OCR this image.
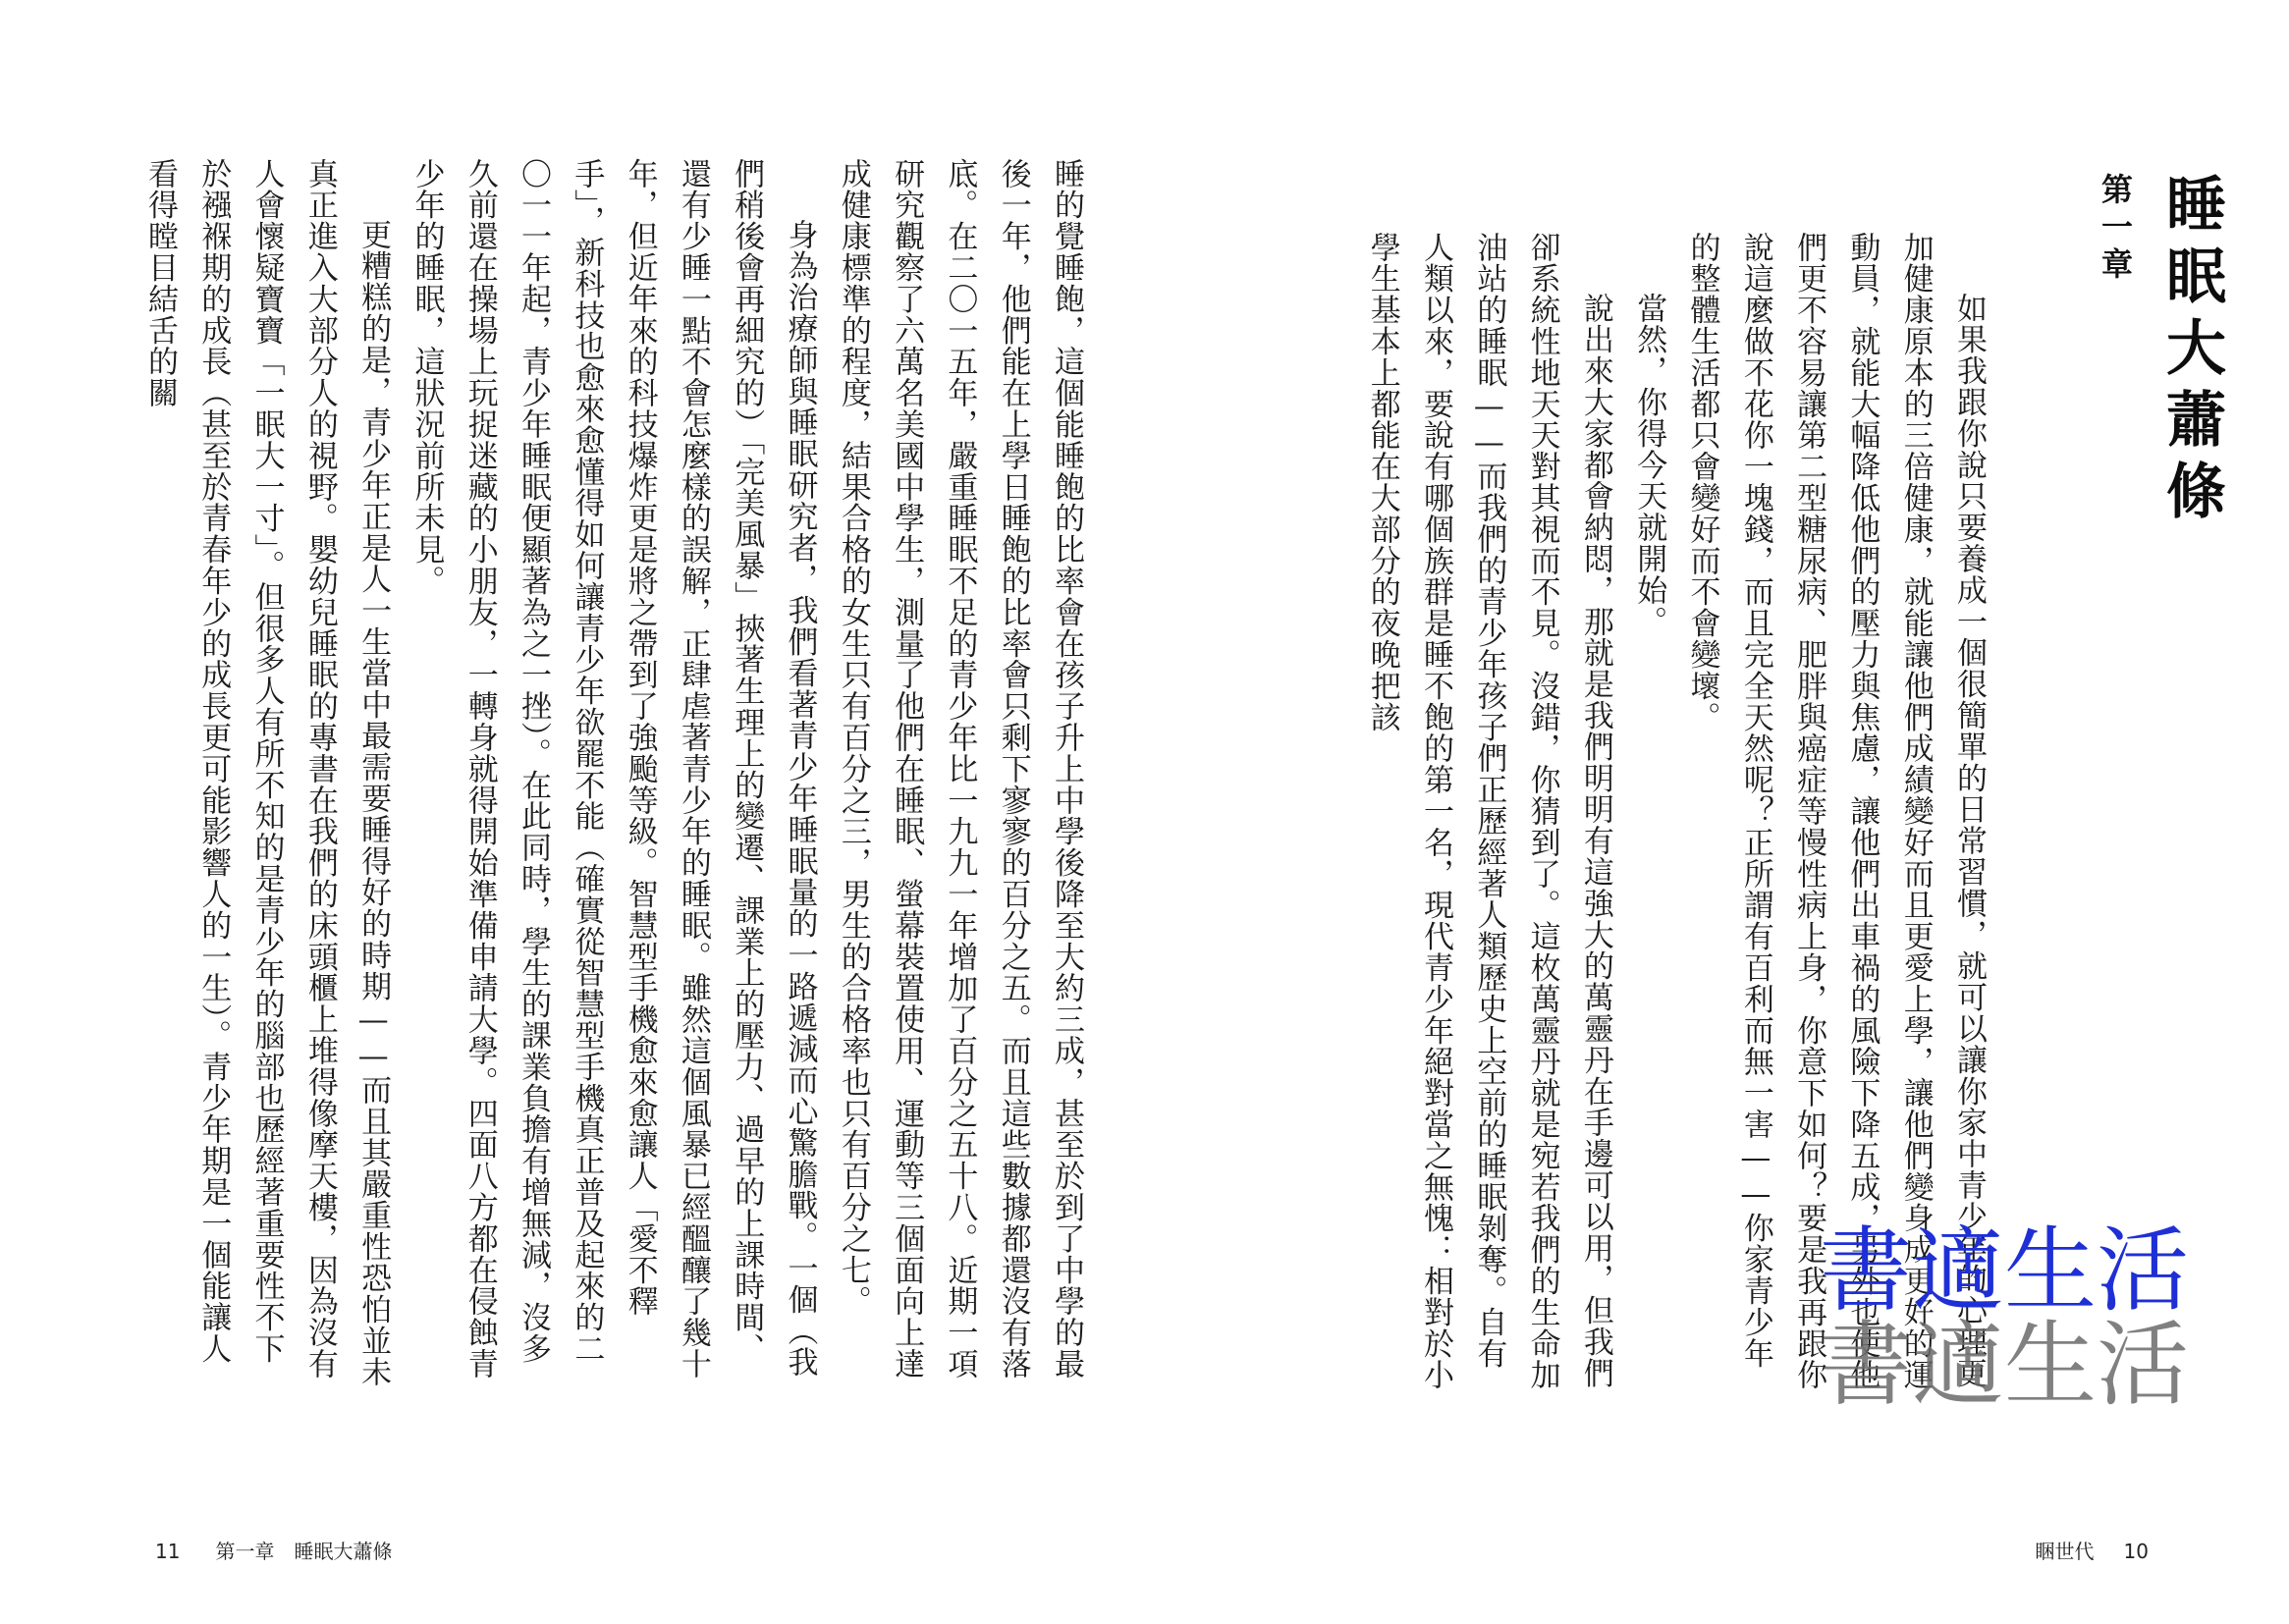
睡的覺睡飽，這個能睡飽的比率會在孩子升上中學後降至大約三成，甚至於到了中學的最後一年，他們能在上學日睡飽的比率會只剩下寥寥的百分之五。而且這些數據都還沒有落底。在二〇一五年，嚴重睡眠不足的青少年比一九九一年增加了百分之五十八。近期一項研究觀察了六萬名美國中學生，測量了他們在睡眠、螢幕裝置使用、運動等三個面向上達成健康標準的程度，結果合格的女生只有百分之三，男生的合格率也只有百分之七。

身為治療師與睡眠研究者，我們看著青少年睡眠量的一路遞減而心驚膽戰。一個（我們稍後會再細究的）「完美風暴」挾著生理上的變遷、課業上的壓力、過早的上課時間、還有少睡一點不會怎麼樣的誤解，正肆虐著青少年的睡眠。雖然這個風暴已經醞釀了幾十年，但近年來的科技爆炸更是將之帶到了強颱等級。智慧型手機愈來愈讓人「愛不釋手」，新科技也愈來愈懂得如何讓青少年欲罷不能（確實從智慧型手機真正普及起來的二〇一一年起，青少年睡眠便顯著為之一挫）。在此同時，學生的課業負擔有增無減，沒多久前還在操場上玩捉迷藏的小朋友，一轉身就得開始準備申請大學。四面八方都在侵蝕青少年的睡眠，這狀況前所未見。

更糟糕的是，青少年正是人一生當中最需要睡得好的時期——而且其嚴重性恐怕並未真正進入大部分人的視野。嬰幼兒睡眠的專書在我們的床頭櫃上堆得像摩天樓，因為沒有人會懷疑寶寶「一眠大一寸」。但很多人有所不知的是青少年的腦部也歷經著重要性不下於襁褓期的成長（甚至於青春年少的成長更可能影響人的一生）。青少年期是一個能讓人看得瞠目結舌的關

11 第一章　睡眠大蕭條
第一章 睡眠大蕭條

如果我跟你說只要養成一個很簡單的日常習慣，就可以讓你家中青少年的心理更加健康原本的三倍健康，就能讓他們成績變好而且更愛上學，讓他們變身成更好的運動員，就能大幅降低他們的壓力與焦慮，讓他們出車禍的風險下降五成，另外也使他們更不容易讓第二型糖尿病、肥胖與癌症等慢性病上身，你意下如何？要是我再跟你說這麼做不花你一塊錢，而且完全天然呢？正所謂有百利而無一害——你家青少年的整體生活都只會變好而不會變壞。

當然，你得今天就開始。

說出來大家都會納悶，那就是我們明明有這強大的萬靈丹在手邊可以用，但我們卻系統性地天天對其視而不見。沒錯，你猜到了。這枚萬靈丹就是宛若我們的生命加油站的睡眠——而我們的青少年孩子們正歷經著人類歷史上空前的睡眠剝奪。自有人類以來，要說有哪個族群是睡不飽的第一名，現代青少年絕對當之無愧：相對於小學生基本上都能在大部分的夜晚把該

睏世代 10
書適生活
書適生活
